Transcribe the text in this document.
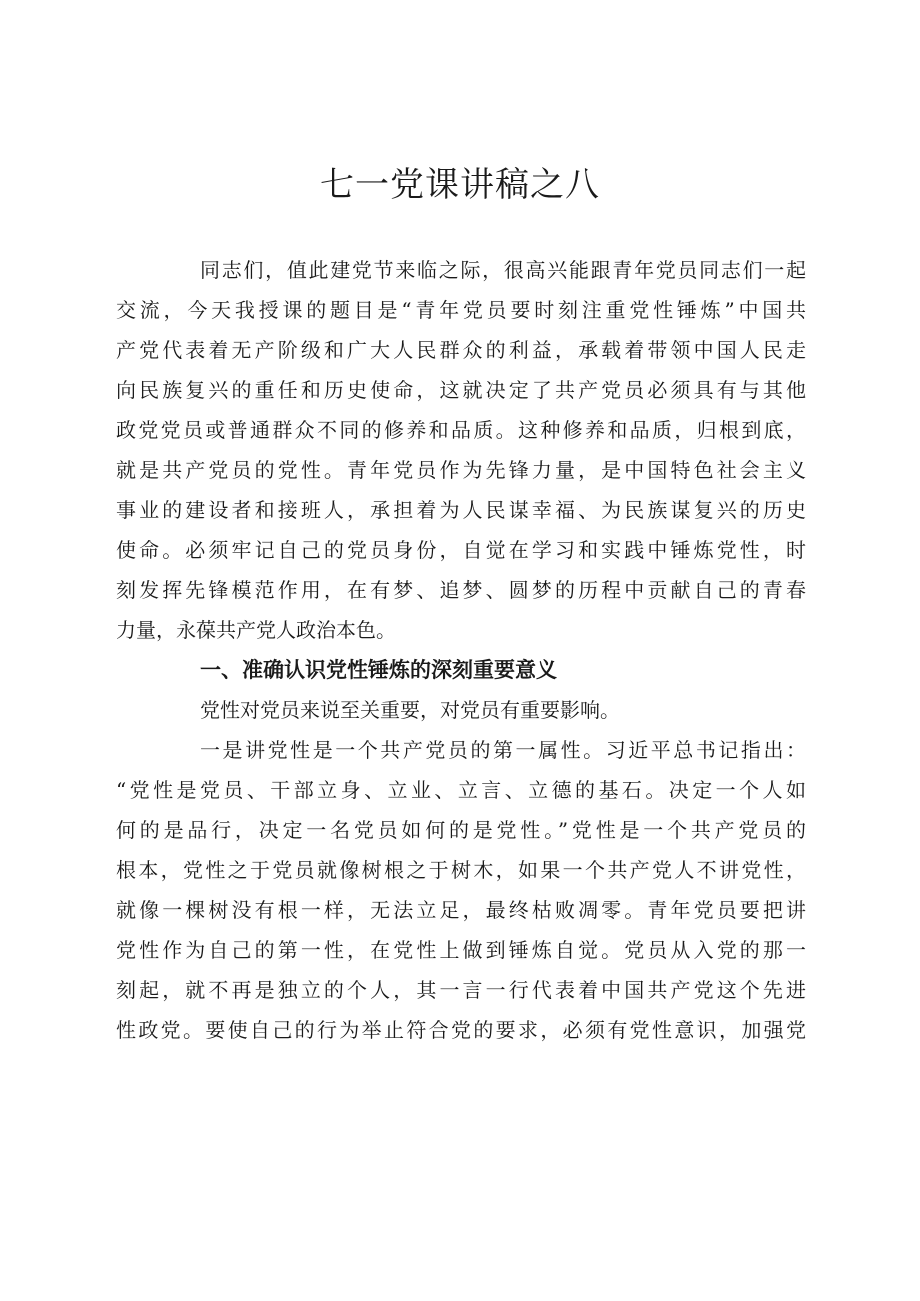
七一党课讲稿之八
同志们，值此建党节来临之际，很高兴能跟青年党员同志们一起
交流，今天我授课的题目是“青年党员要时刻注重党性锤炼”中国共
产党代表着无产阶级和广大人民群众的利益，承载着带领中国人民走
向民族复兴的重任和历史使命，这就决定了共产党员必须具有与其他
政党党员或普通群众不同的修养和品质。这种修养和品质，归根到底，
就是共产党员的党性。青年党员作为先锋力量，是中国特色社会主义
事业的建设者和接班人，承担着为人民谋幸福、为民族谋复兴的历史
使命。必须牢记自己的党员身份，自觉在学习和实践中锤炼党性，时
刻发挥先锋模范作用，在有梦、追梦、圆梦的历程中贡献自己的青春
力量，永葆共产党人政治本色。
一、准确认识党性锤炼的深刻重要意义
党性对党员来说至关重要，对党员有重要影响。
一是讲党性是一个共产党员的第一属性。习近平总书记指出：
“党性是党员、干部立身、立业、立言、立德的基石。决定一个人如
何的是品行，决定一名党员如何的是党性。”党性是一个共产党员的
根本，党性之于党员就像树根之于树木，如果一个共产党人不讲党性，
就像一棵树没有根一样，无法立足，最终枯败凋零。青年党员要把讲
党性作为自己的第一性，在党性上做到锤炼自觉。党员从入党的那一
刻起，就不再是独立的个人，其一言一行代表着中国共产党这个先进
性政党。要使自己的行为举止符合党的要求，必须有党性意识，加强党
